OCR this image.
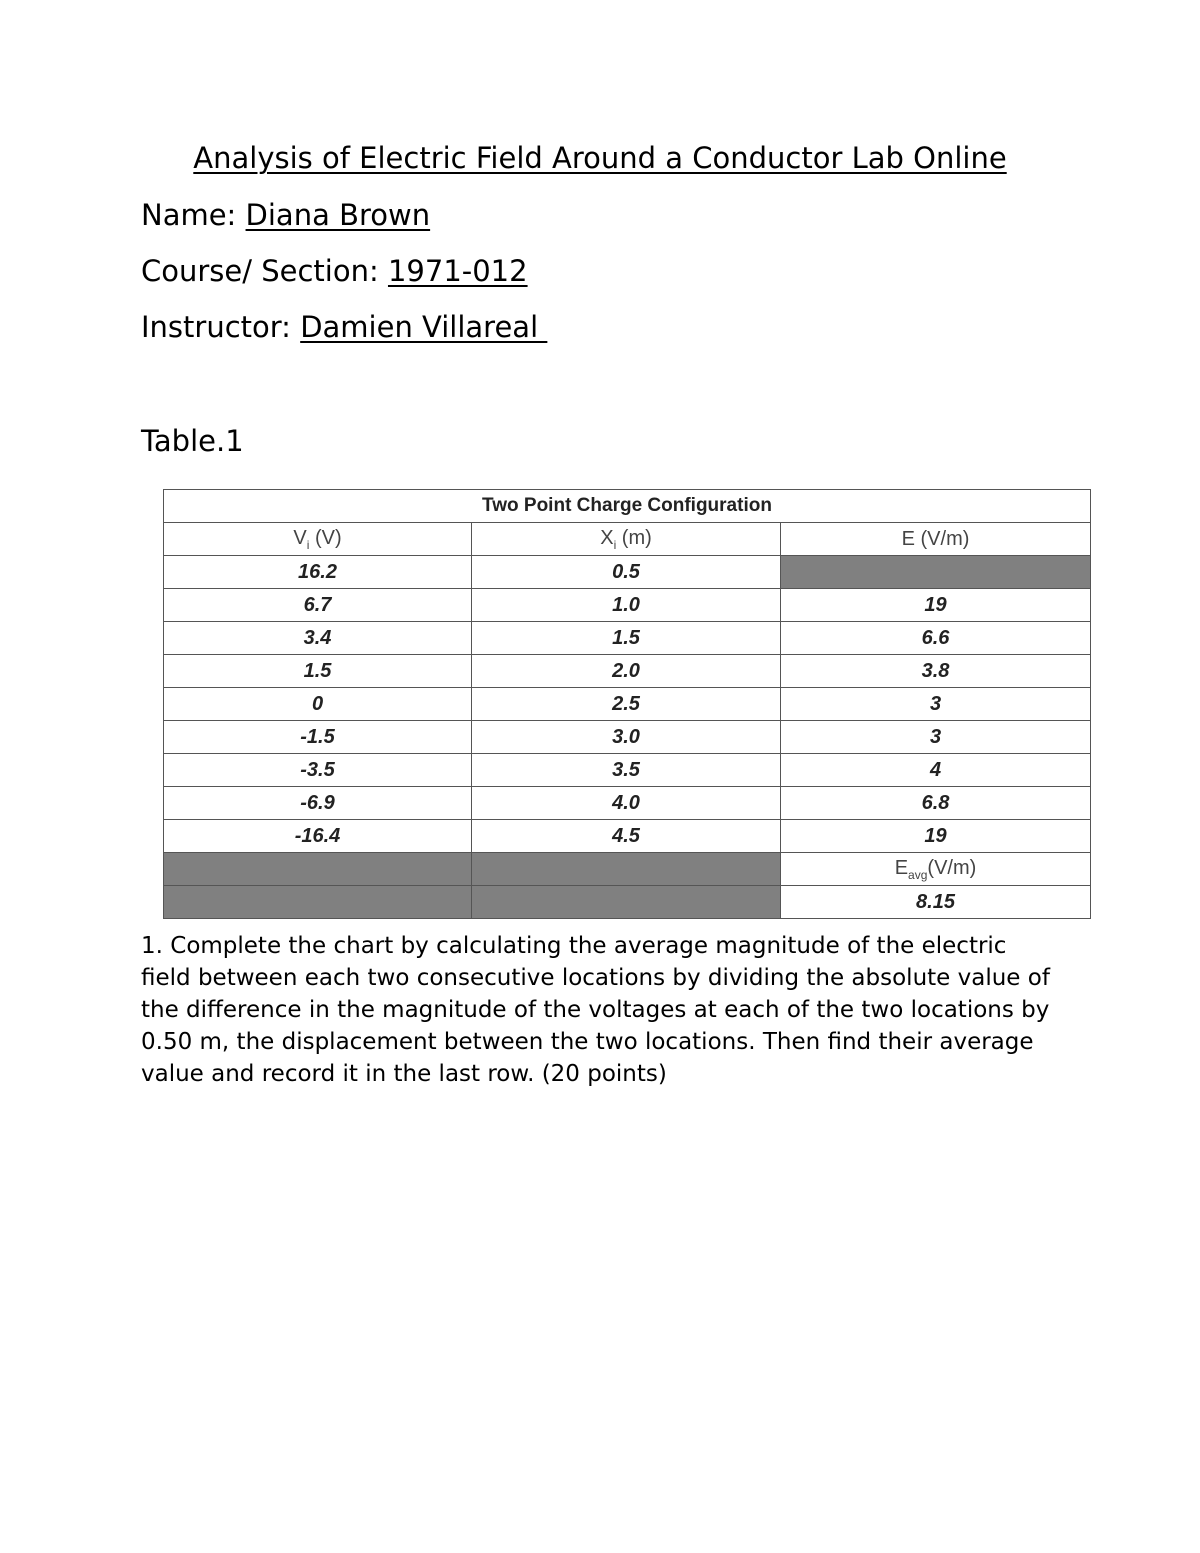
Analysis of Electric Field Around a Conductor Lab Online
Name: Diana Brown
Course/ Section: 1971-012
Instructor: Damien Villareal
Table.1
Two Point Charge Configuration		
$V_i$ (V)	$X_i$ (m)	E (V/m)
16.2	0.5	
6.7	1.0	19
3.4	1.5	6.6
1.5	2.0	3.8
0	2.5	3
-1.5	3.0	3
-3.5	3.5	4
-6.9	4.0	6.8
-16.4	4.5	19
		$E_{avg}(V/m)$
		8.15
1. Complete the chart by calculating the average magnitude of the electric field between each two consecutive locations by dividing the absolute value of the difference in the magnitude of the voltages at each of the two locations by 0.50 m, the displacement between the two locations. Then find their average value and record it in the last row. (20 points)
